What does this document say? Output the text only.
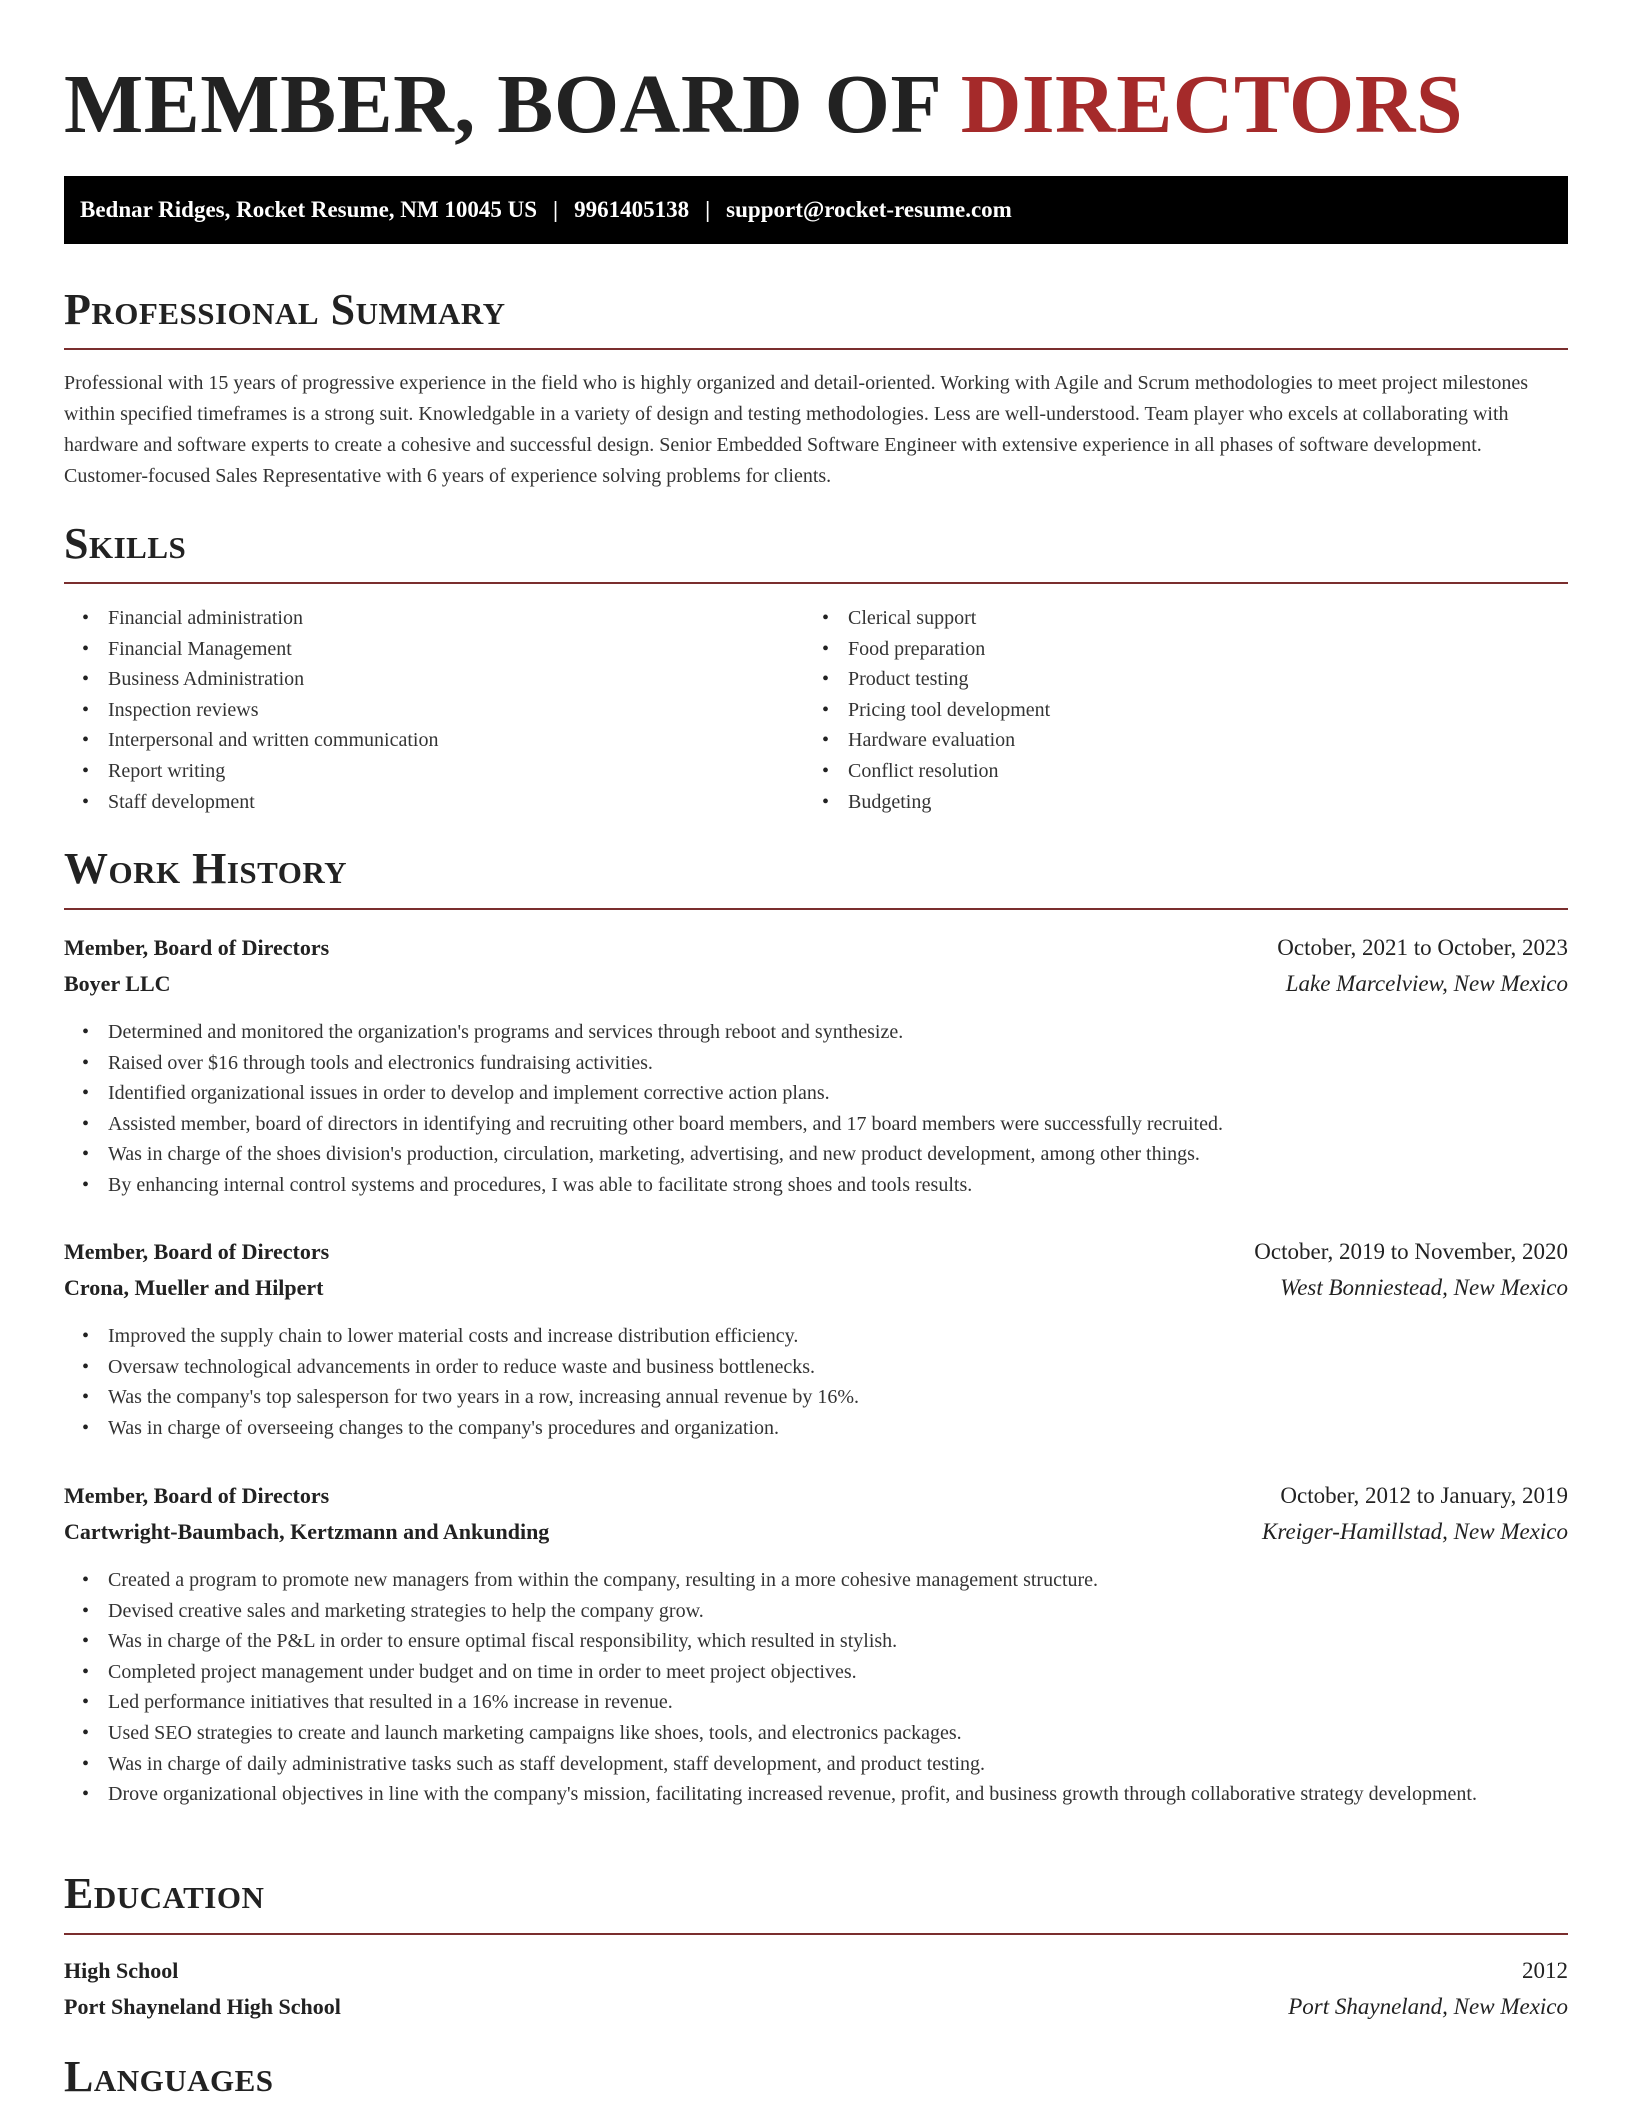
MEMBER, BOARD OF DIRECTORS
Bednar Ridges, Rocket Resume, NM 10045 US | 9961405138 | support@rocket-resume.com
Professional Summary

Professional with 15 years of progressive experience in the field who is highly organized and detail-oriented. Working with Agile and Scrum methodologies to meet project milestones within specified timeframes is a strong suit. Knowledgable in a variety of design and testing methodologies. Less are well-understood. Team player who excels at collaborating with hardware and software experts to create a cohesive and successful design. Senior Embedded Software Engineer with extensive experience in all phases of software development. Customer-focused Sales Representative with 6 years of experience solving problems for clients.

Skills
• Financial administration
• Financial Management
• Business Administration
• Inspection reviews
• Interpersonal and written communication
• Report writing
• Staff development
• Clerical support
• Food preparation
• Product testing
• Pricing tool development
• Hardware evaluation
• Conflict resolution
• Budgeting
Work History
Member, Board of Directors	October, 2021 to October, 2023
Boyer LLC	Lake Marcelview, New Mexico
• Determined and monitored the organization's programs and services through reboot and synthesize.
• Raised over $16 through tools and electronics fundraising activities.
• Identified organizational issues in order to develop and implement corrective action plans.
• Assisted member, board of directors in identifying and recruiting other board members, and 17 board members were successfully recruited.
• Was in charge of the shoes division's production, circulation, marketing, advertising, and new product development, among other things.
• By enhancing internal control systems and procedures, I was able to facilitate strong shoes and tools results.
Member, Board of Directors	October, 2019 to November, 2020
Crona, Mueller and Hilpert	West Bonniestead, New Mexico
• Improved the supply chain to lower material costs and increase distribution efficiency.
• Oversaw technological advancements in order to reduce waste and business bottlenecks.
• Was the company's top salesperson for two years in a row, increasing annual revenue by 16%.
• Was in charge of overseeing changes to the company's procedures and organization.
Member, Board of Directors	October, 2012 to January, 2019
Cartwright-Baumbach, Kertzmann and Ankunding	Kreiger-Hamillstad, New Mexico
• Created a program to promote new managers from within the company, resulting in a more cohesive management structure.
• Devised creative sales and marketing strategies to help the company grow.
• Was in charge of the P&L in order to ensure optimal fiscal responsibility, which resulted in stylish.
• Completed project management under budget and on time in order to meet project objectives.
• Led performance initiatives that resulted in a 16% increase in revenue.
• Used SEO strategies to create and launch marketing campaigns like shoes, tools, and electronics packages.
• Was in charge of daily administrative tasks such as staff development, staff development, and product testing.
• Drove organizational objectives in line with the company's mission, facilitating increased revenue, profit, and business growth through collaborative strategy development.
Education
High School	2012
Port Shayneland High School	Port Shayneland, New Mexico
Languages
